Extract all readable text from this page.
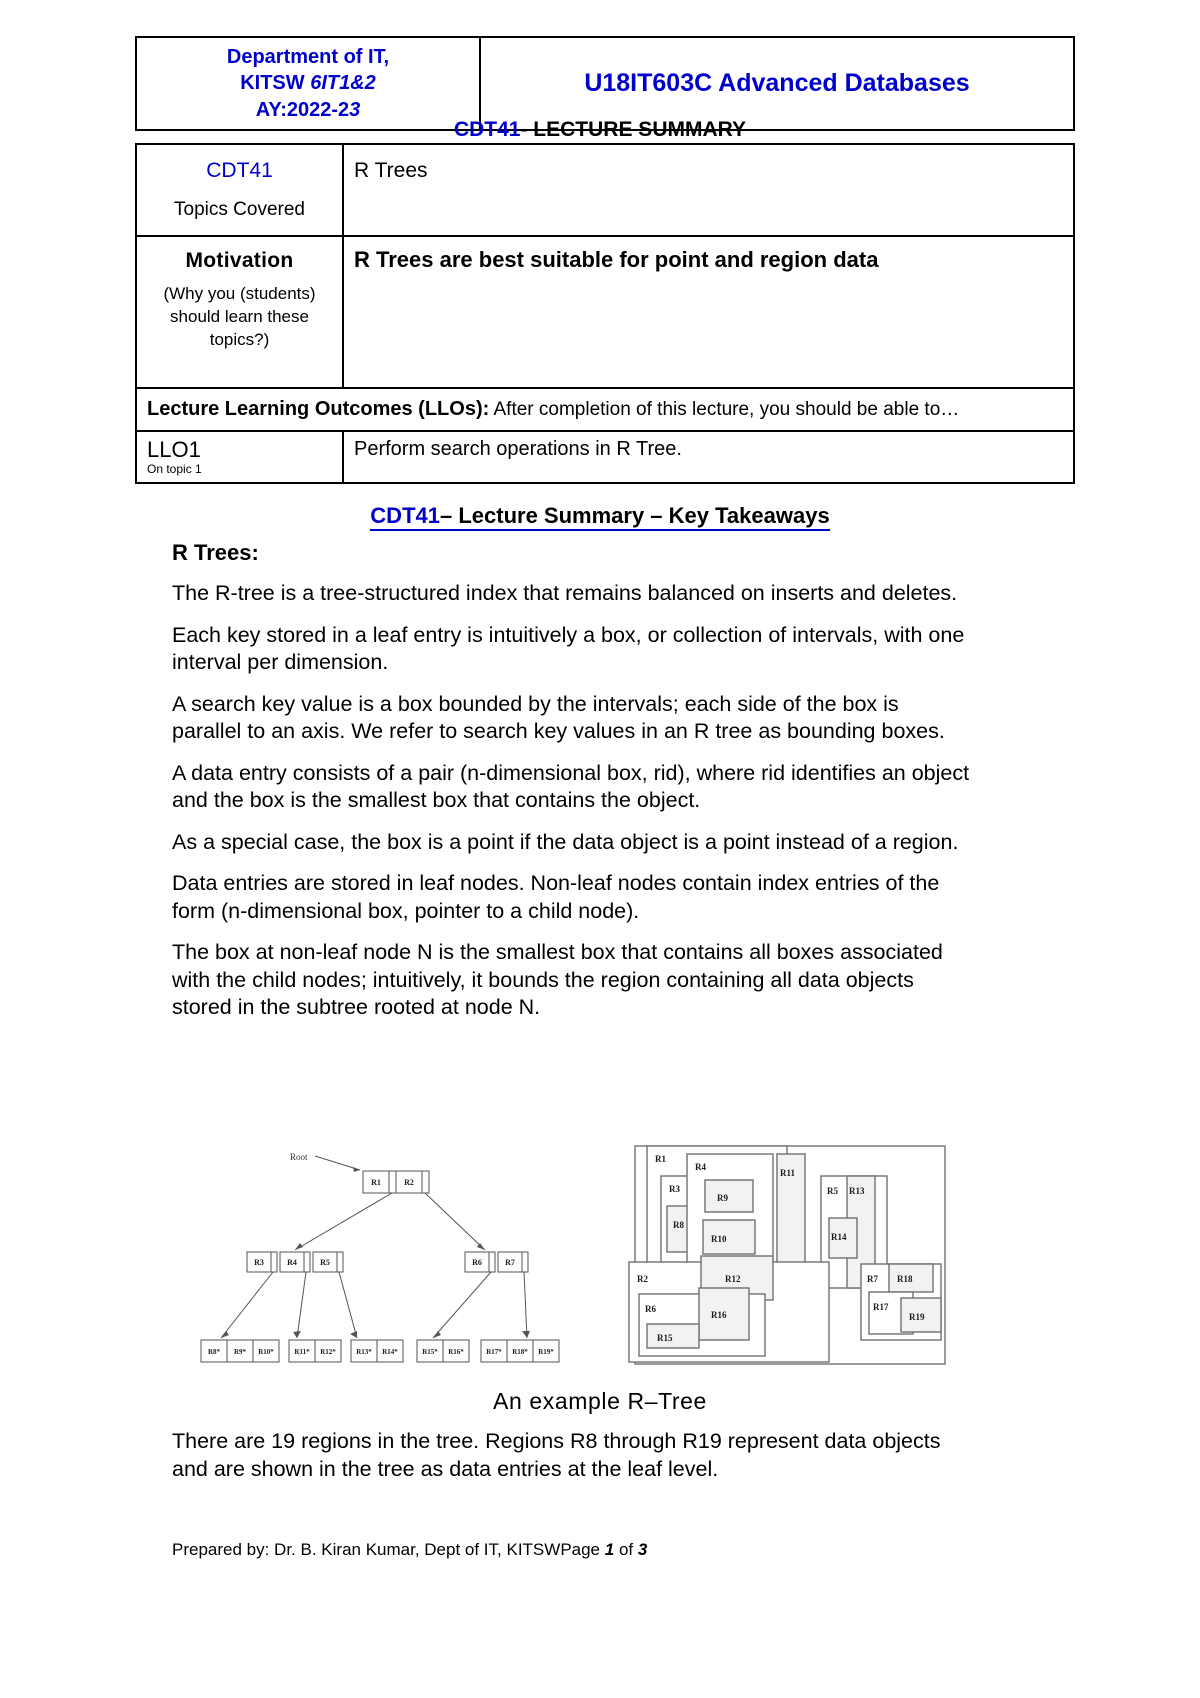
Department of IT,
KITSW 6IT1&2
AY:2022-23
	U18IT603C Advanced Databases
CDT41- LECTURE SUMMARY
CDT41
Topics Covered	R Trees

Motivation
(Why you (students) should learn these topics?)	R Trees are best suitable for point and region data

Lecture Learning Outcomes (LLOs): After completion of this lecture, you should be able to…	
LLO1
On topic 1	Perform search operations in R Tree.
CDT41– Lecture Summary – Key Takeaways
R Trees:

The R-tree is a tree-structured index that remains balanced on inserts and deletes.

Each key stored in a leaf entry is intuitively a box, or collection of intervals, with one interval per dimension.

A search key value is a box bounded by the intervals; each side of the box is parallel to an axis. We refer to search key values in an R tree as bounding boxes.

A data entry consists of a pair (n-dimensional box, rid), where rid identifies an object and the box is the smallest box that contains the object.

As a special case, the box is a point if the data object is a point instead of a region.

Data entries are stored in leaf nodes. Non-leaf nodes contain index entries of the form (n-dimensional box, pointer to a child node).

The box at non-leaf node N is the smallest box that contains all boxes associated with the child nodes; intuitively, it bounds the region containing all data objects stored in the subtree rooted at node N.

Root
R1	R2
R3	R4	R5	R6	R7
R8* R9* R10*	R11* R12*	R13* R14*	R15* R16*	R17* R18* R19*
R1
R3
R8
R4
R9
R10
R11
R5 R13
R14
R2	R12
R6
R16
R15
R7 R18
R17
R19
An example R–Tree
There are 19 regions in the tree. Regions R8 through R19 represent data objects and are shown in the tree as data entries at the leaf level.
Prepared by: Dr. B. Kiran Kumar, Dept of IT, KITSWPage 1 of 3
